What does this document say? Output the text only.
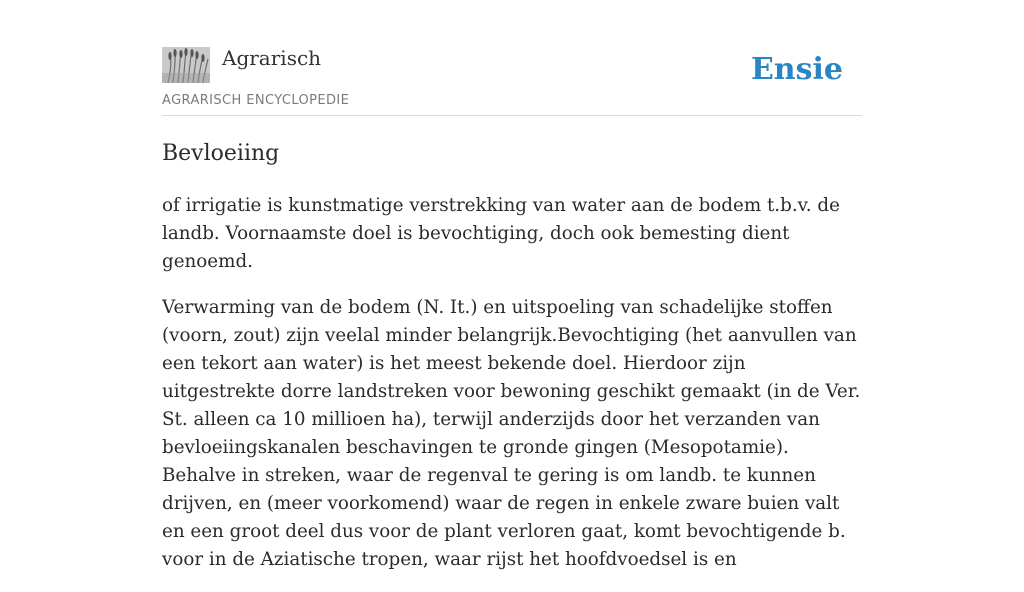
Agrarisch
AGRARISCH ENCYCLOPEDIE
Ensie
Bevloeiing

of irrigatie is kunstmatige verstrekking van water aan de bodem t.b.v. de landb. Voornaamste doel is bevochtiging, doch ook bemesting dient genoemd.

Verwarming van de bodem (N. It.) en uitspoeling van schadelijke stoffen (voorn, zout) zijn veelal minder belangrijk.Bevochtiging (het aanvullen van een tekort aan water) is het meest bekende doel. Hierdoor zijn uitgestrekte dorre landstreken voor bewoning geschikt gemaakt (in de Ver. St. alleen ca 10 millioen ha), terwijl anderzijds door het verzanden van bevloeiingskanalen beschavingen te gronde gingen (Mesopotamie). Behalve in streken, waar de regenval te gering is om landb. te kunnen drijven, en (meer voorkomend) waar de regen in enkele zware buien valt en een groot deel dus voor de plant verloren gaat, komt bevochtigende b. voor in de Aziatische tropen, waar rijst het hoofdvoedsel is en
